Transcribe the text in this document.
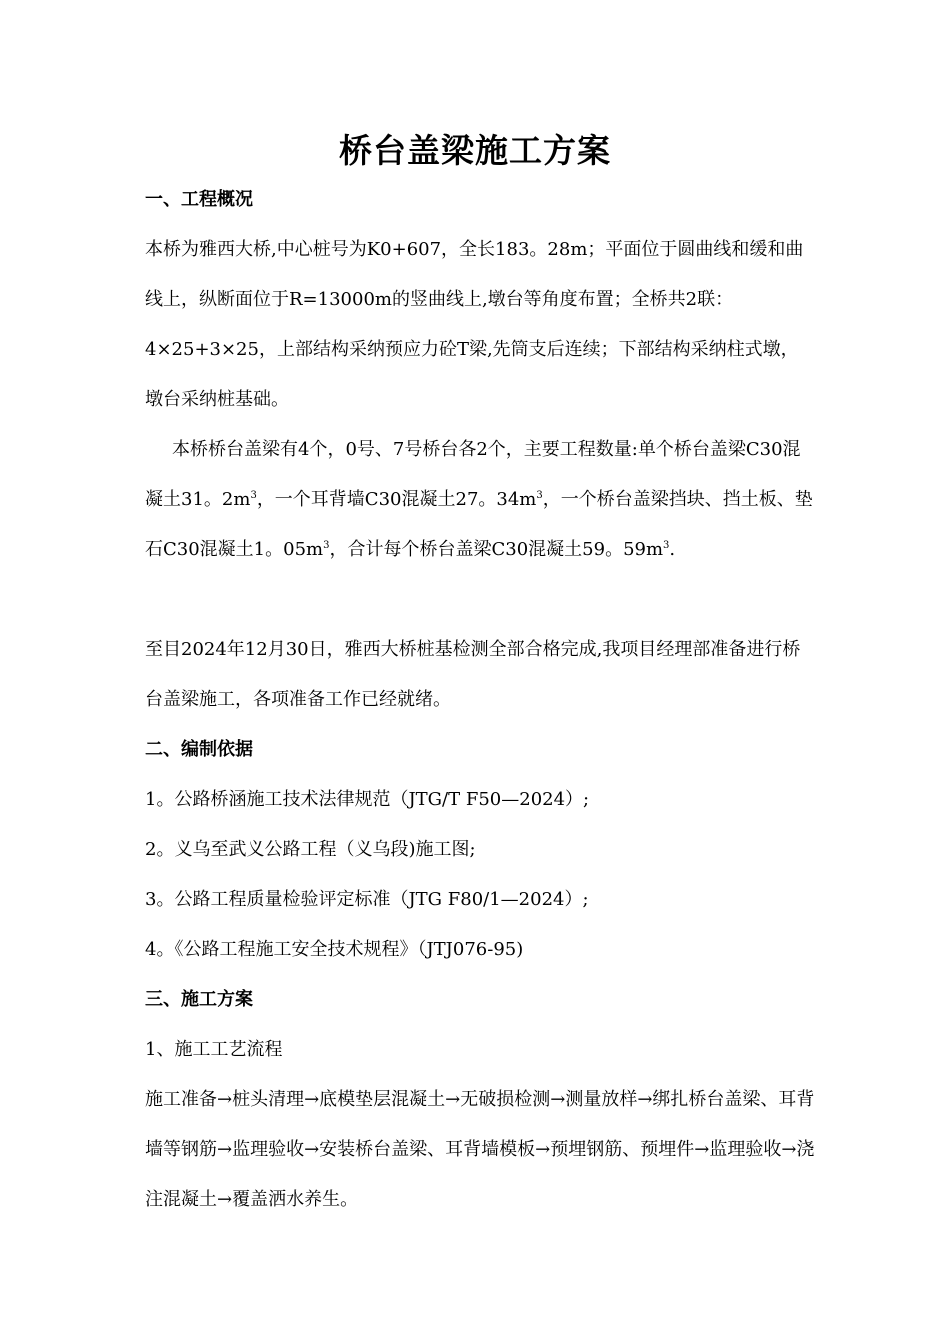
桥台盖梁施工方案
一、工程概况

本桥为雅西大桥,中心桩号为K0+607，全长183。28m；平面位于圆曲线和缓和曲线上，纵断面位于R=13000m的竖曲线上,墩台等角度布置；全桥共2联：4×25+3×25，上部结构采纳预应力砼T梁,先筒支后连续；下部结构采纳柱式墩，墩台采纳桩基础。

本桥桥台盖梁有4个，0号、7号桥台各2个，主要工程数量:单个桥台盖梁C30混凝土31。$2m^3$，一个耳背墙C30混凝土27。$34m^3$，一个桥台盖梁挡块、挡土板、垫石C30混凝土1。$05m^3$，合计每个桥台盖梁C30混凝土59。$59m^3$.

至目2024年12月30日，雅西大桥桩基检测全部合格完成,我项目经理部准备进行桥台盖梁施工，各项准备工作已经就绪。

二、编制依据
1。公路桥涵施工技术法律规范（JTG/T F50—2024）;
2。义乌至武义公路工程（义乌段)施工图;
3。公路工程质量检验评定标准（JTG F80/1—2024）;
4。《公路工程施工安全技术规程》（JTJ076-95)
三、施工方案
1、施工工艺流程

施工准备→桩头清理→底模垫层混凝土→无破损检测→测量放样→绑扎桥台盖梁、耳背墙等钢筋→监理验收→安装桥台盖梁、耳背墙模板→预埋钢筋、预埋件→监理验收→浇注混凝土→覆盖洒水养生。
